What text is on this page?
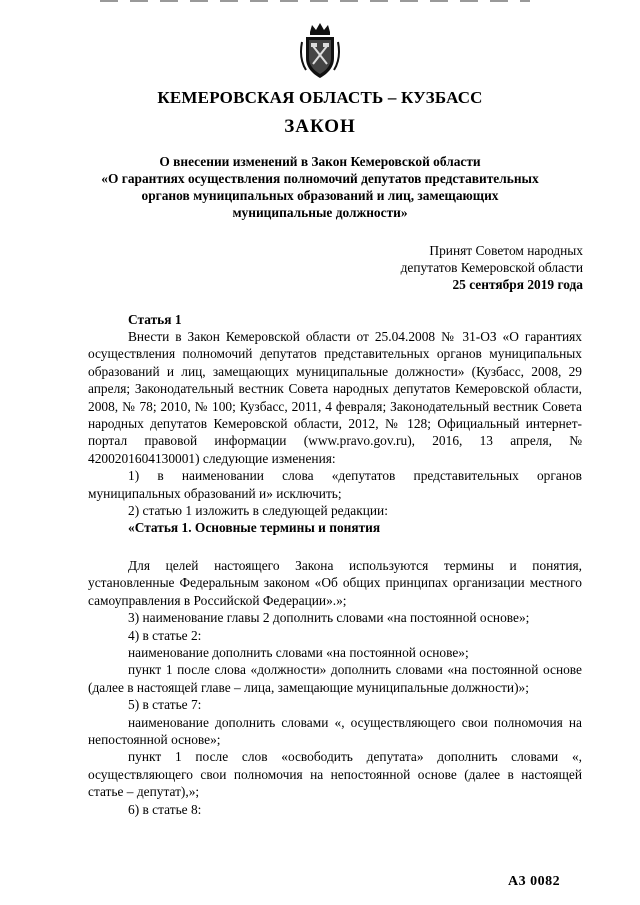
КЕМЕРОВСКАЯ ОБЛАСТЬ – КУЗБАСС
ЗАКОН
О внесении изменений в Закон Кемеровской области
«О гарантиях осуществления полномочий депутатов представительных
органов муниципальных образований и лиц, замещающих
муниципальные должности»
Принят Советом народных
депутатов Кемеровской области
25 сентября 2019 года
Статья 1

Внести в Закон Кемеровской области от 25.04.2008 № 31-ОЗ «О гарантиях осуществления полномочий депутатов представительных органов муниципальных образований и лиц, замещающих муниципальные должности» (Кузбасс, 2008, 29 апреля; Законодательный вестник Совета народных депутатов Кемеровской области, 2008, № 78; 2010, № 100; Кузбасс, 2011, 4 февраля; Законодательный вестник Совета народных депутатов Кемеровской области, 2012, № 128; Официальный интернет-портал правовой информации (www.pravo.gov.ru), 2016, 13 апреля, № 4200201604130001) следующие изменения:

1) в наименовании слова «депутатов представительных органов муниципальных образований и» исключить;

2) статью 1 изложить в следующей редакции:

«Статья 1. Основные термины и понятия

Для целей настоящего Закона используются термины и понятия, установленные Федеральным законом «Об общих принципах организации местного самоуправления в Российской Федерации».»;

3) наименование главы 2 дополнить словами «на постоянной основе»;

4) в статье 2:

наименование дополнить словами «на постоянной основе»;

пункт 1 после слова «должности» дополнить словами «на постоянной основе (далее в настоящей главе – лица, замещающие муниципальные должности)»;

5) в статье 7:

наименование дополнить словами «, осуществляющего свои полномочия на непостоянной основе»;

пункт 1 после слов «освободить депутата» дополнить словами «, осуществляющего свои полномочия на непостоянной основе (далее в настоящей статье – депутат),»;

6) в статье 8:

А3 0082
